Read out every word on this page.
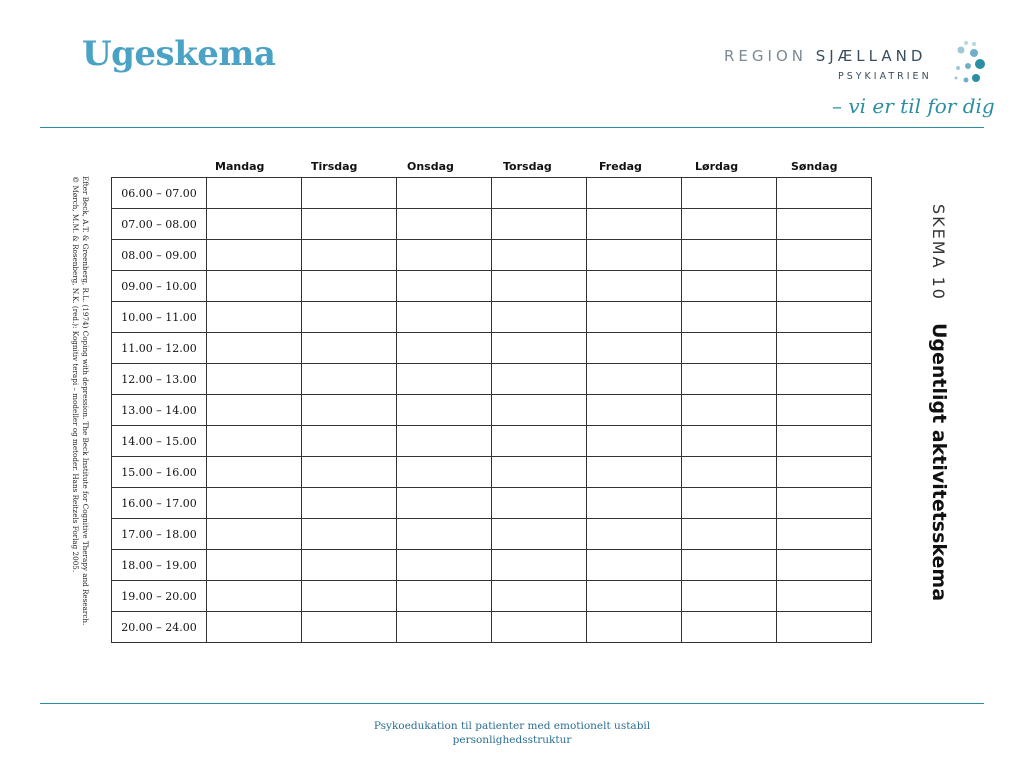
Ugeskema	REGION SJÆLLAND
PSYKIATRIEN
– vi er til for dig
Efter Beck, A.T. & Greenberg, R.L. (1974) Coping with depression. The Beck Institute for Cognitive Therapy and Research.
© Mørch, M.M. & Rosenberg, N.K. (red.): Kognitiv terapi – modeller og metoder. Hans Reitzels Forlag 2005.
Mandag	Tirsdag	Onsdag	Torsdag	Fredag	Lørdag	Søndag
06.00 – 07.00							
07.00 – 08.00							
08.00 – 09.00							
09.00 – 10.00							
10.00 – 11.00							
11.00 – 12.00							
12.00 – 13.00							
13.00 – 14.00							
14.00 – 15.00							
15.00 – 16.00							
16.00 – 17.00							
17.00 – 18.00							
18.00 – 19.00							
19.00 – 20.00							
20.00 – 24.00							
SKEMA 10Ugentligt aktivitetsskema
Psykoedukation til patienter med emotionelt ustabil
personlighedsstruktur
